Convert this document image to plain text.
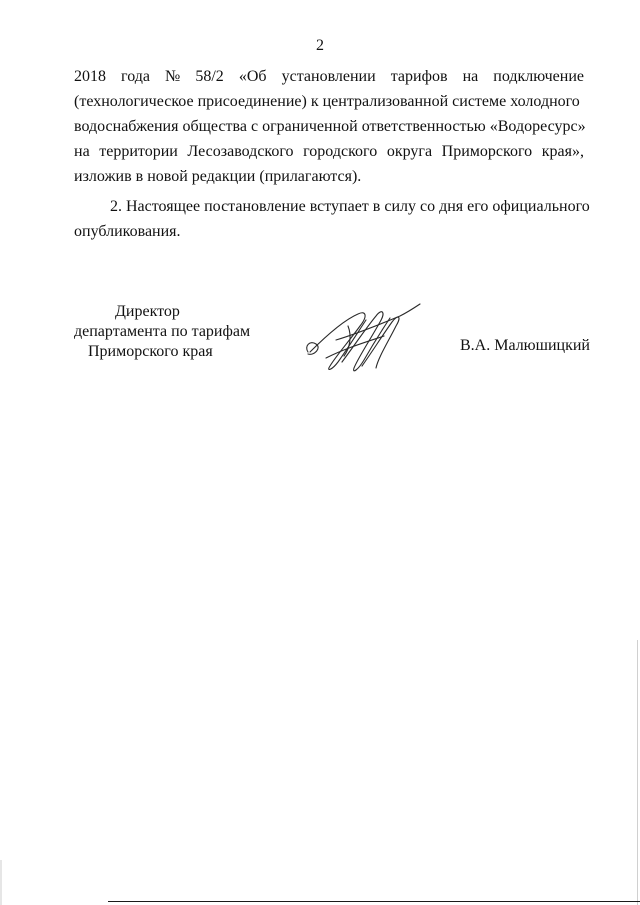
2
2018 года № 58/2 «Об установлении тарифов на подключение
(технологическое присоединение) к централизованной системе холодного
водоснабжения общества с ограниченной ответственностью «Водоресурс»
на территории Лесозаводского городского округа Приморского края»,
изложив в новой редакции (прилагаются).
2. Настоящее постановление вступает в силу со дня его официального
опубликования.
Директор
департамента по тарифам
Приморского края	В.А. Малюшицкий
